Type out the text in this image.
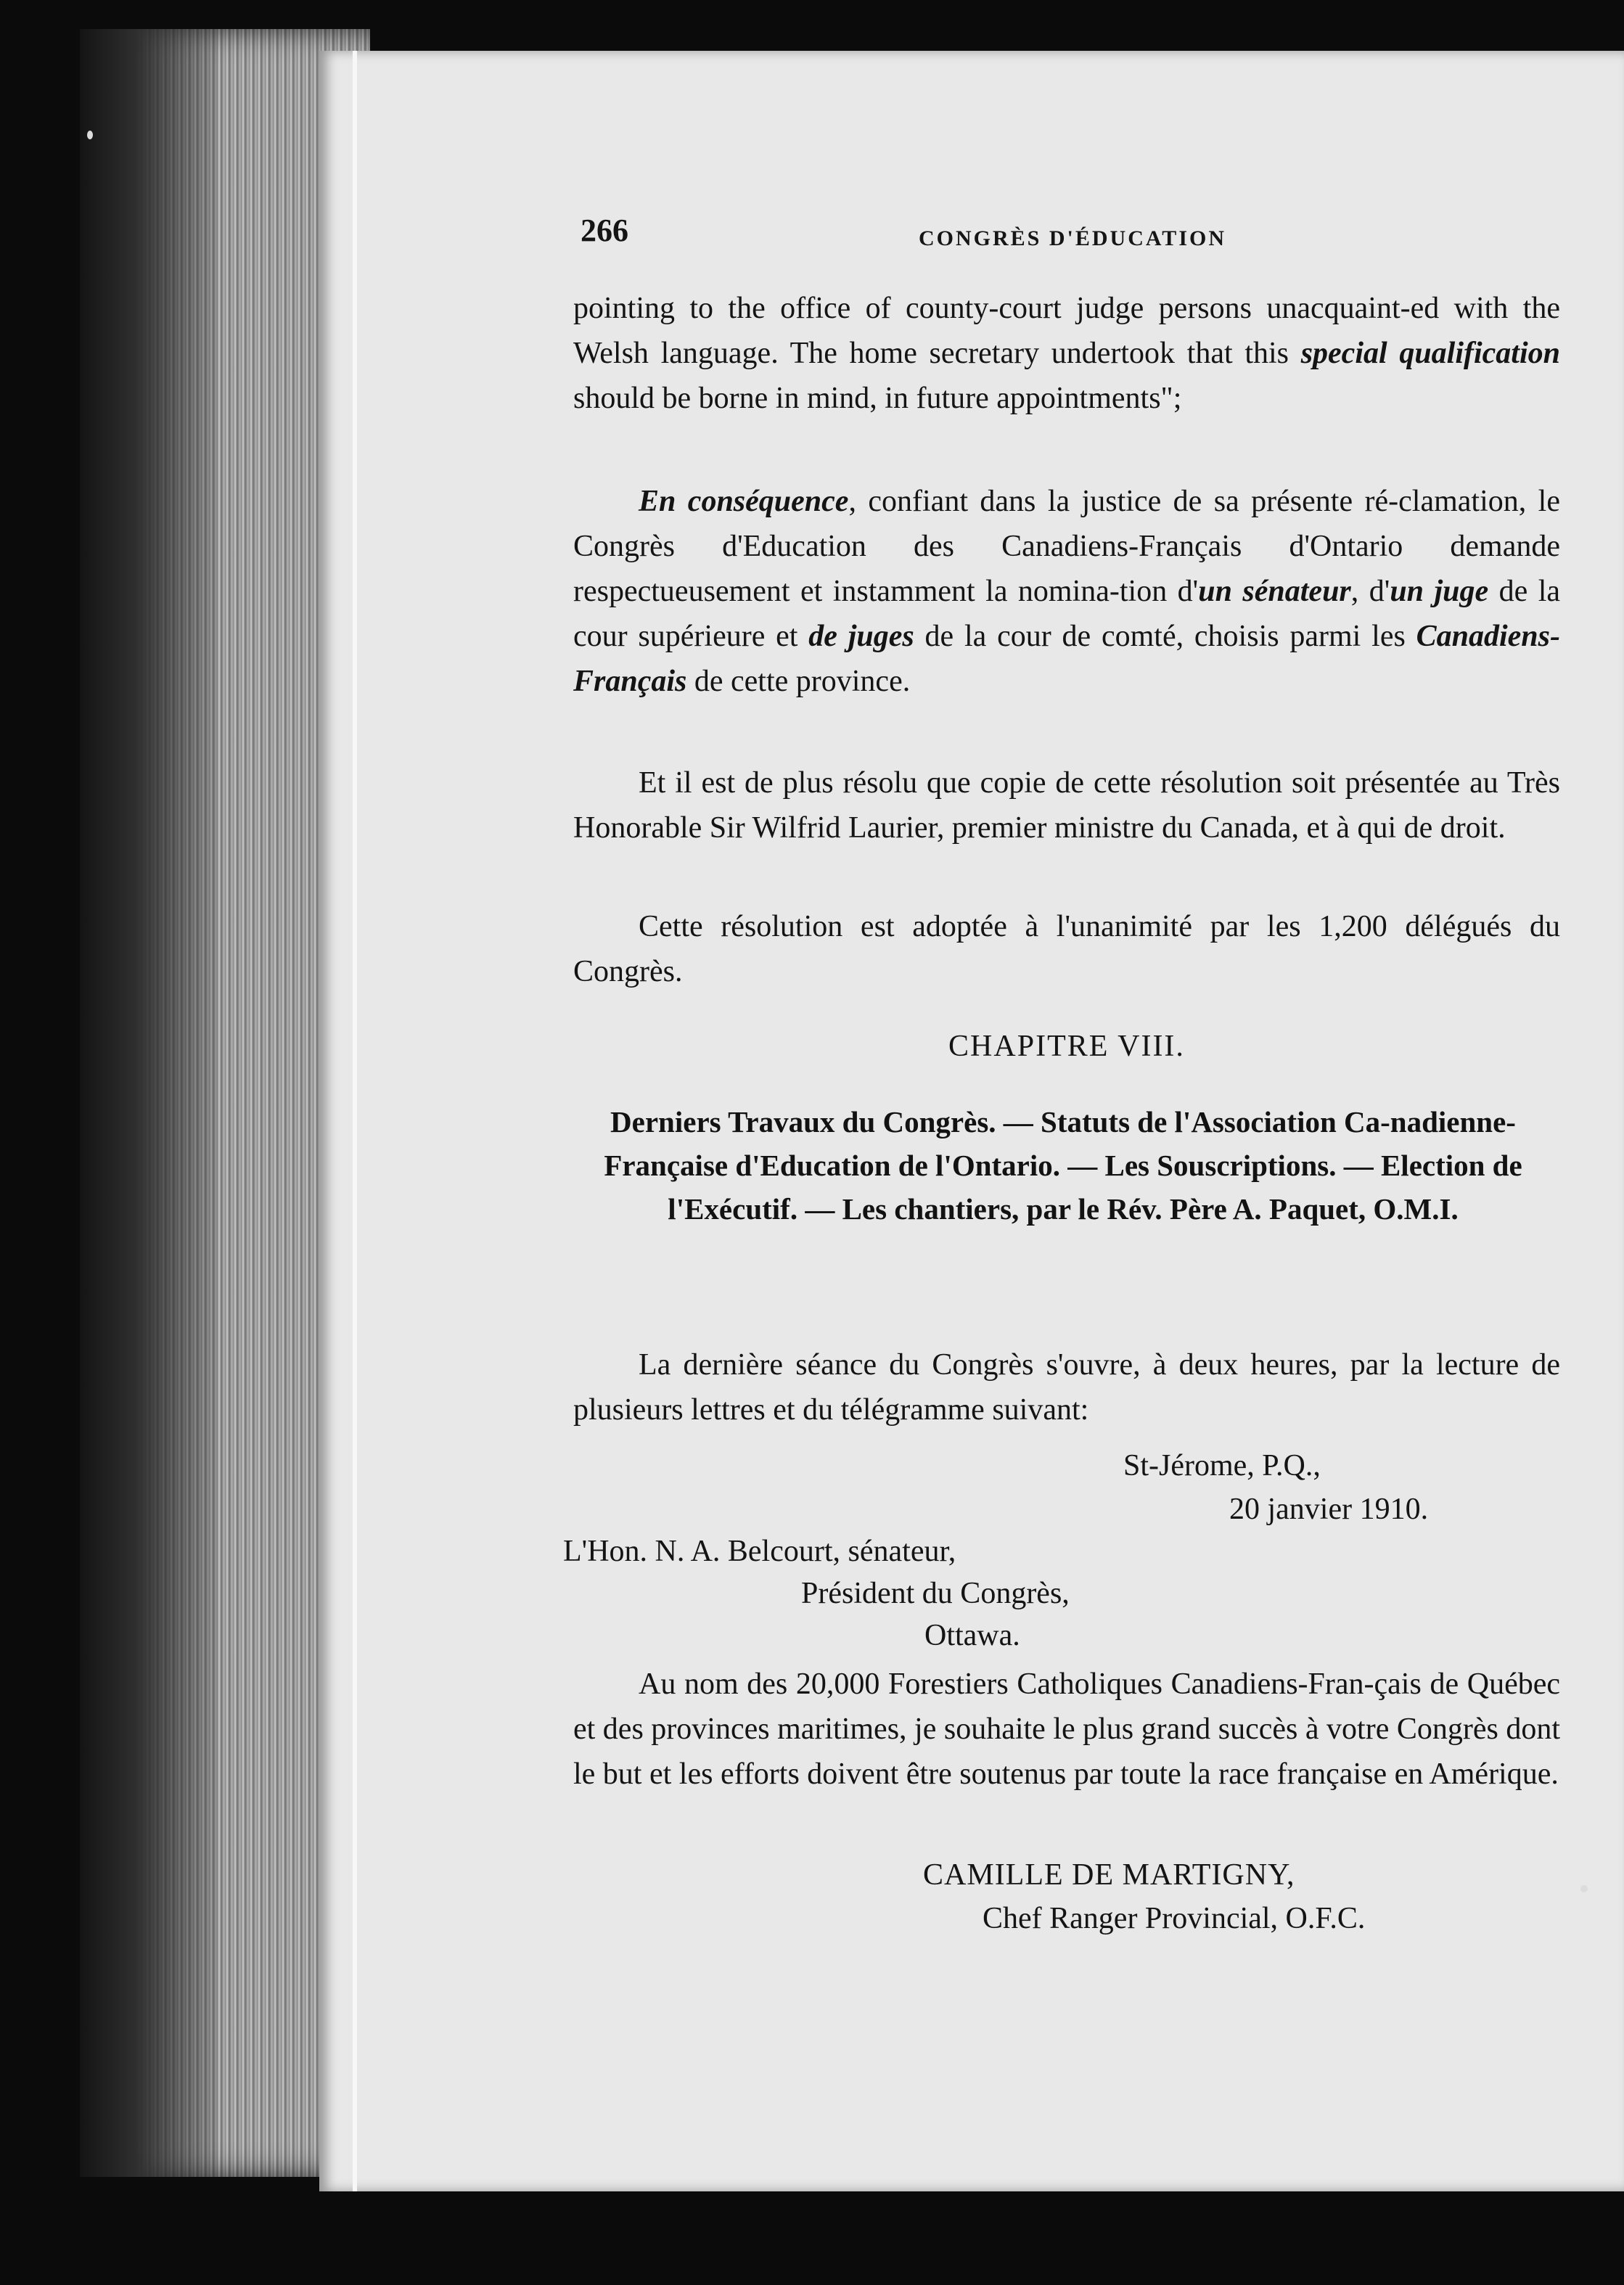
266	CONGRÈS D'ÉDUCATION

pointing to the office of county-court judge persons unacquaint-ed with the Welsh language. The home secretary undertook that this special qualification should be borne in mind, in future appointments";

En conséquence, confiant dans la justice de sa présente ré-clamation, le Congrès d'Education des Canadiens-Français d'Ontario demande respectueusement et instamment la nomina-tion d'un sénateur, d'un juge de la cour supérieure et de juges de la cour de comté, choisis parmi les Canadiens-Français de cette province.

Et il est de plus résolu que copie de cette résolution soit présentée au Très Honorable Sir Wilfrid Laurier, premier ministre du Canada, et à qui de droit.

Cette résolution est adoptée à l'unanimité par les 1,200 délégués du Congrès.

CHAPITRE VIII.
Derniers Travaux du Congrès. — Statuts de l'Association Ca-nadienne-Française d'Education de l'Ontario. — Les Souscriptions. — Election de l'Exécutif. — Les chantiers, par le Rév. Père A. Paquet, O.M.I.

La dernière séance du Congrès s'ouvre, à deux heures, par la lecture de plusieurs lettres et du télégramme suivant:

St-Jérome, P.Q.,
20 janvier 1910.
L'Hon. N. A. Belcourt, sénateur,
Président du Congrès,
Ottawa.

Au nom des 20,000 Forestiers Catholiques Canadiens-Fran-çais de Québec et des provinces maritimes, je souhaite le plus grand succès à votre Congrès dont le but et les efforts doivent être soutenus par toute la race française en Amérique.

CAMILLE DE MARTIGNY,
Chef Ranger Provincial, O.F.C.
